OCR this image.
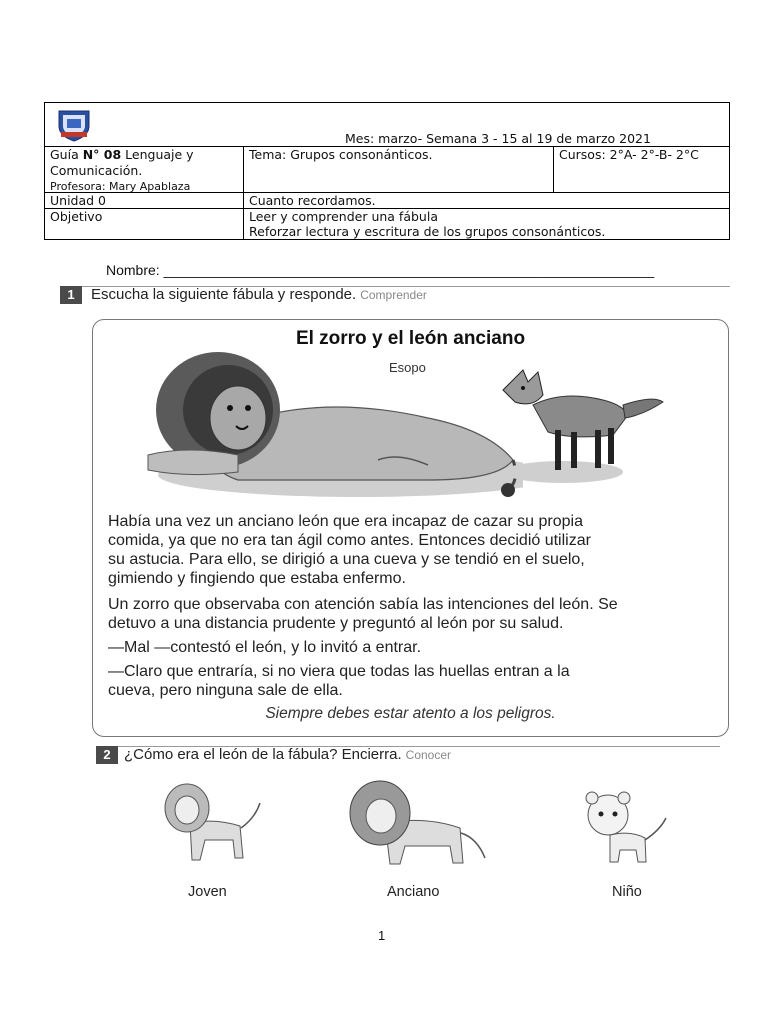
Mes: marzo- Semana 3 - 15 al 19 de marzo 2021
Guía N° 08 Lenguaje y
Comunicación.
Profesora: Mary Apablaza
Tema: Grupos consonánticos.	Cursos: 2°A- 2°-B- 2°C
Unidad 0	Cuanto recordamos.
Objetivo	Leer y comprender una fábula
Reforzar lectura y escritura de los grupos consonánticos.
Nombre: _______________________________________________________________
1	Escucha la siguiente fábula y responde. Comprender
El zorro y el león anciano
Esopo
Había una vez un anciano león que era incapaz de cazar su propia
comida, ya que no era tan ágil como antes. Entonces decidió utilizar
su astucia. Para ello, se dirigió a una cueva y se tendió en el suelo,
gimiendo y fingiendo que estaba enfermo.
Un zorro que observaba con atención sabía las intenciones del león. Se
detuvo a una distancia prudente y preguntó al león por su salud.
—Mal —contestó el león, y lo invitó a entrar.
—Claro que entraría, si no viera que todas las huellas entran a la
cueva, pero ninguna sale de ella.
Siempre debes estar atento a los peligros.
2 ¿Cómo era el león de la fábula? Encierra. Conocer
Joven	Anciano	Niño
1
